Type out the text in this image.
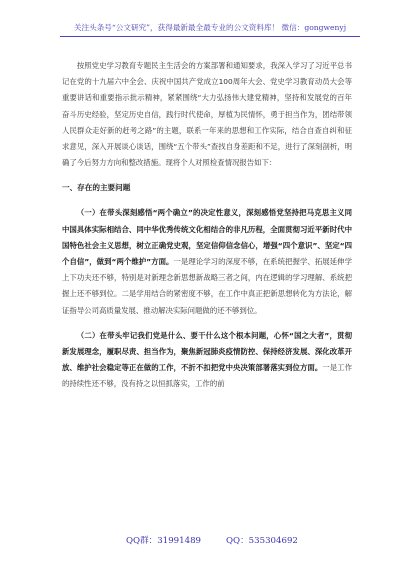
关注头条号“公文研究”，获得最新最全最专业的公文资料库！ 微信：gongwenyj
按照党史学习教育专题民主生活会的方案部署和通知要求，我深入学习了习近平总书记在党的十九届六中全会、庆祝中国共产党成立100周年大会、党史学习教育动员大会等重要讲话和重要指示批示精神，紧紧围绕“大力弘扬伟大建党精神，坚持和发展党的百年奋斗历史经验，坚定历史自信，践行时代使命，厚植为民情怀，勇于担当作为，团结带领人民群众走好新的赶考之路”的主题，联系一年来的思想和工作实际，结合自查自纠和征求意见，深入开展谈心谈话，围绕“五个带头”查找自身差距和不足，进行了深刻剖析，明确了今后努力方向和整改措施。现将个人对照检查情况报告如下：
一、存在的主要问题
（一）在带头深刻感悟“两个确立”的决定性意义，深刻感悟党坚持把马克思主义同中国具体实际相结合、同中华优秀传统文化相结合的非凡历程，全面贯彻习近平新时代中国特色社会主义思想，树立正确党史观，坚定信仰信念信心，增强“四个意识”、坚定“四个自信”，做到“两个维护”方面。一是理论学习的深度不够，在系统把握学、拓展延伸学上下功夫还不够，特别是对新理念新思想新战略三者之间，内在逻辑的学习理解、系统把握上还不够到位。二是学用结合的紧密度不够，在工作中真正把新思想转化为方法论，解证指导公司高质量发展、推动解决实际问题做的还不够到位。
（二）在带头牢记我们党是什么、要干什么这个根本问题，心怀“国之大者”，贯彻新发展理念，履职尽责、担当作为，聚焦新冠肺炎疫情防控、保持经济发展、深化改革开放、维护社会稳定等正在做的工作，不折不扣把党中央决策部署落实到位方面。一是工作的持续性还不够，没有持之以恒抓落实，工作的前
QQ群：31991489	QQ：535304692
